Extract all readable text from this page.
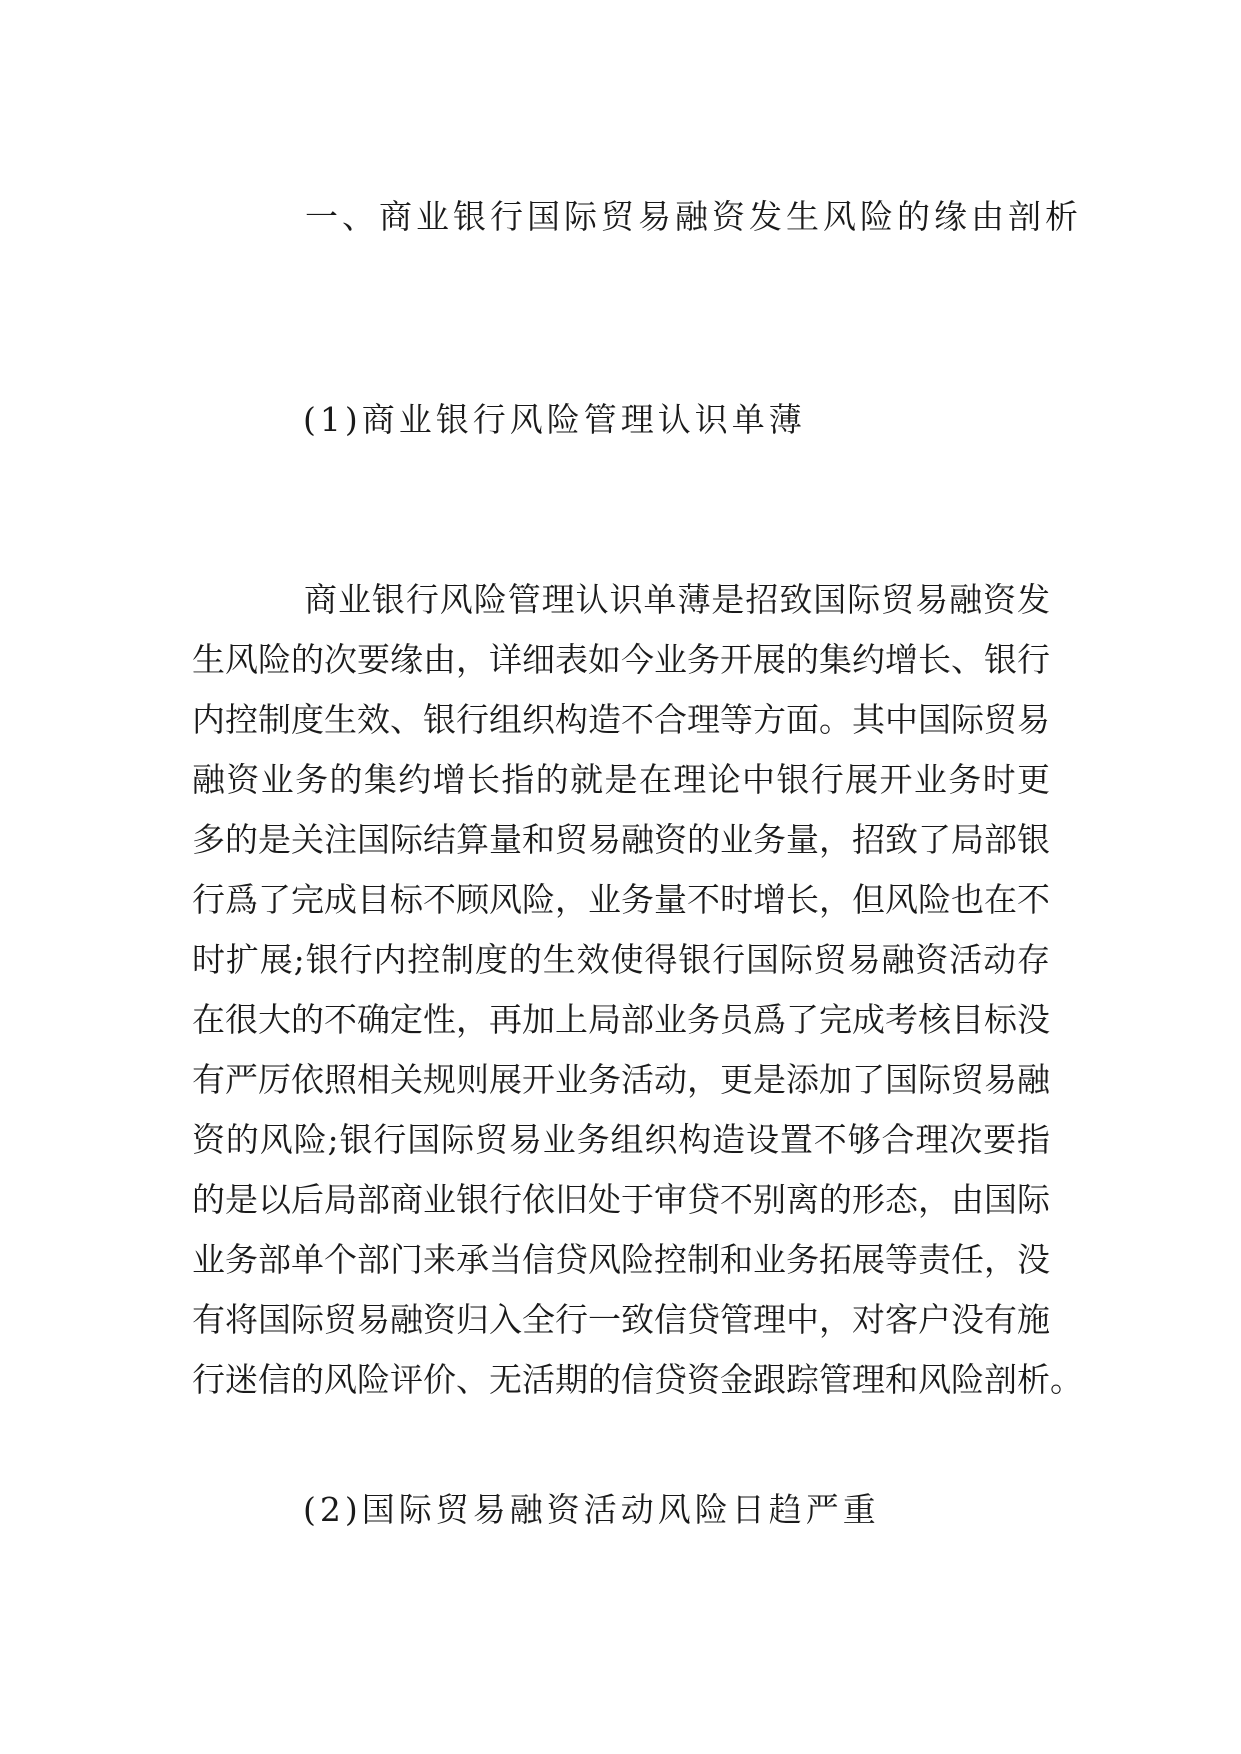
一、商业银行国际贸易融资发生风险的缘由剖析
(1)商业银行风险管理认识单薄
商业银行风险管理认识单薄是招致国际贸易融资发
生风险的次要缘由，详细表如今业务开展的集约增长、银行
内控制度生效、银行组织构造不合理等方面。其中国际贸易
融资业务的集约增长指的就是在理论中银行展开业务时更
多的是关注国际结算量和贸易融资的业务量，招致了局部银
行爲了完成目标不顾风险，业务量不时增长，但风险也在不
时扩展;银行内控制度的生效使得银行国际贸易融资活动存
在很大的不确定性，再加上局部业务员爲了完成考核目标没
有严厉依照相关规则展开业务活动，更是添加了国际贸易融
资的风险;银行国际贸易业务组织构造设置不够合理次要指
的是以后局部商业银行依旧处于审贷不别离的形态，由国际
业务部单个部门来承当信贷风险控制和业务拓展等责任，没
有将国际贸易融资归入全行一致信贷管理中，对客户没有施
行迷信的风险评价、无活期的信贷资金跟踪管理和风险剖析。
(2)国际贸易融资活动风险日趋严重
